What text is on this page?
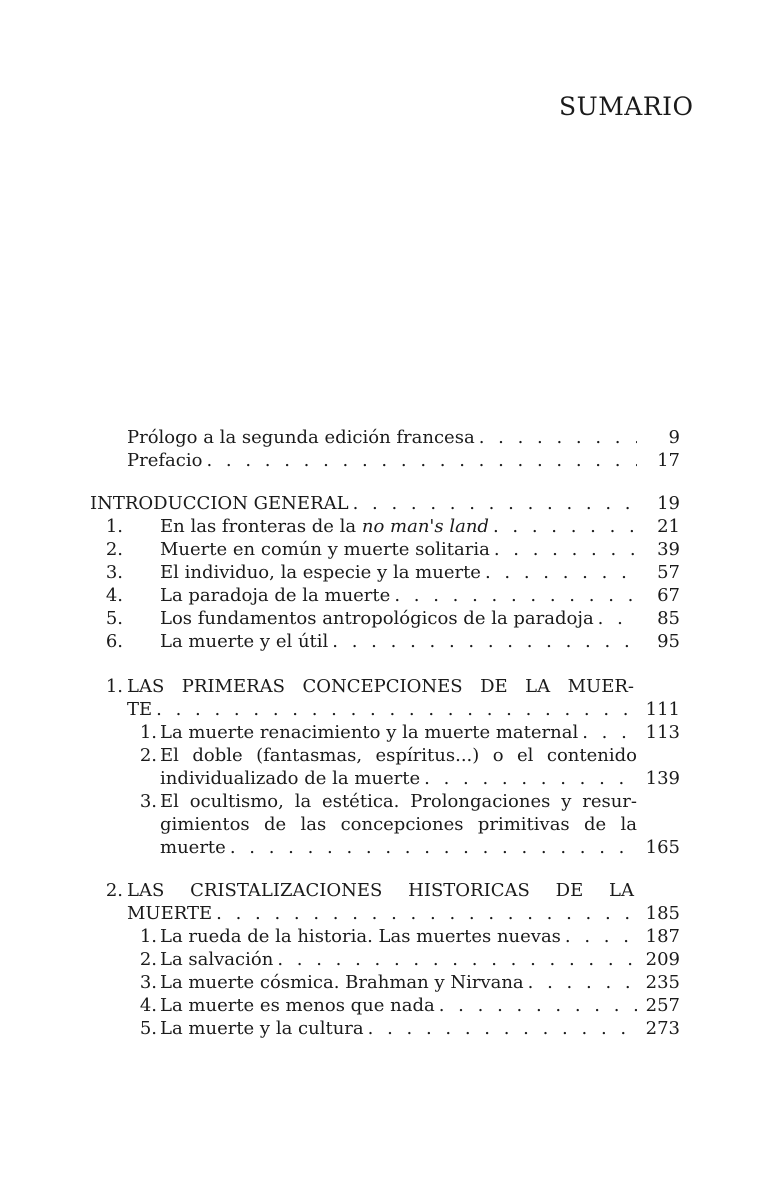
SUMARIO
Prólogo a la segunda edición francesa . . .	9
Prefacio . . .	17
INTRODUCCION GENERAL . . .	19
1. En las fronteras de la no man's land . . .	21
2. Muerte en común y muerte solitaria . . .	39
3. El individuo, la especie y la muerte . . .	57
4. La paradoja de la muerte . . .	67
5. Los fundamentos antropológicos de la paradoja . . .	85
6. La muerte y el útil . . .	95
1. LAS PRIMERAS CONCEPCIONES DE LA MUER-
TE . . .	111
1. La muerte renacimiento y la muerte maternal . . .	113
2. El doble (fantasmas, espíritus...) o el contenido
individualizado de la muerte . . .	139
3. El ocultismo, la estética. Prolongaciones y resur-
gimientos de las concepciones primitivas de la
muerte . . .	165
2. LAS CRISTALIZACIONES HISTORICAS DE LA
MUERTE . . .	185
1. La rueda de la historia. Las muertes nuevas . . .	187
2. La salvación . . .	209
3. La muerte cósmica. Brahman y Nirvana . . .	235
4. La muerte es menos que nada . . .	257
5. La muerte y la cultura . . .	273
